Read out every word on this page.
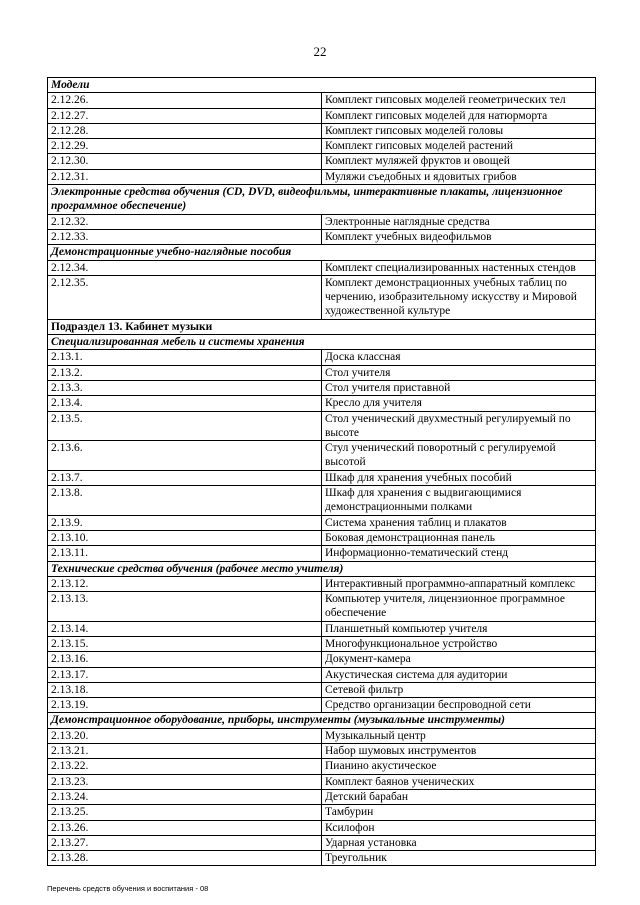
22
Модели	
2.12.26.	Комплект гипсовых моделей геометрических тел
2.12.27.	Комплект гипсовых моделей для натюрморта
2.12.28.	Комплект гипсовых моделей головы
2.12.29.	Комплект гипсовых моделей растений
2.12.30.	Комплект муляжей фруктов и овощей
2.12.31.	Муляжи съедобных и ядовитых грибов
Электронные средства обучения (CD, DVD, видеофильмы, интерактивные плакаты, лицензионное программное обеспечение)	
2.12.32.	Электронные наглядные средства
2.12.33.	Комплект учебных видеофильмов
Демонстрационные учебно-наглядные пособия	
2.12.34.	Комплект специализированных настенных стендов
2.12.35.	Комплект демонстрационных учебных таблиц по черчению, изобразительному искусству и Мировой художественной культуре
Подраздел 13. Кабинет музыки	
Специализированная мебель и системы хранения	
2.13.1.	Доска классная
2.13.2.	Стол учителя
2.13.3.	Стол учителя приставной
2.13.4.	Кресло для учителя
2.13.5.	Стол ученический двухместный регулируемый по высоте
2.13.6.	Стул ученический поворотный с регулируемой высотой
2.13.7.	Шкаф для хранения учебных пособий
2.13.8.	Шкаф для хранения с выдвигающимися демонстрационными полками
2.13.9.	Система хранения таблиц и плакатов
2.13.10.	Боковая демонстрационная панель
2.13.11.	Информационно-тематический стенд
Технические средства обучения (рабочее место учителя)	
2.13.12.	Интерактивный программно-аппаратный комплекс
2.13.13.	Компьютер учителя, лицензионное программное обеспечение
2.13.14.	Планшетный компьютер учителя
2.13.15.	Многофункциональное устройство
2.13.16.	Документ-камера
2.13.17.	Акустическая система для аудитории
2.13.18.	Сетевой фильтр
2.13.19.	Средство организации беспроводной сети
Демонстрационное оборудование, приборы, инструменты (музыкальные инструменты)	
2.13.20.	Музыкальный центр
2.13.21.	Набор шумовых инструментов
2.13.22.	Пианино акустическое
2.13.23.	Комплект баянов ученических
2.13.24.	Детский барабан
2.13.25.	Тамбурин
2.13.26.	Ксилофон
2.13.27.	Ударная установка
2.13.28.	Треугольник
Перечень средств обучения и воспитания - 08
